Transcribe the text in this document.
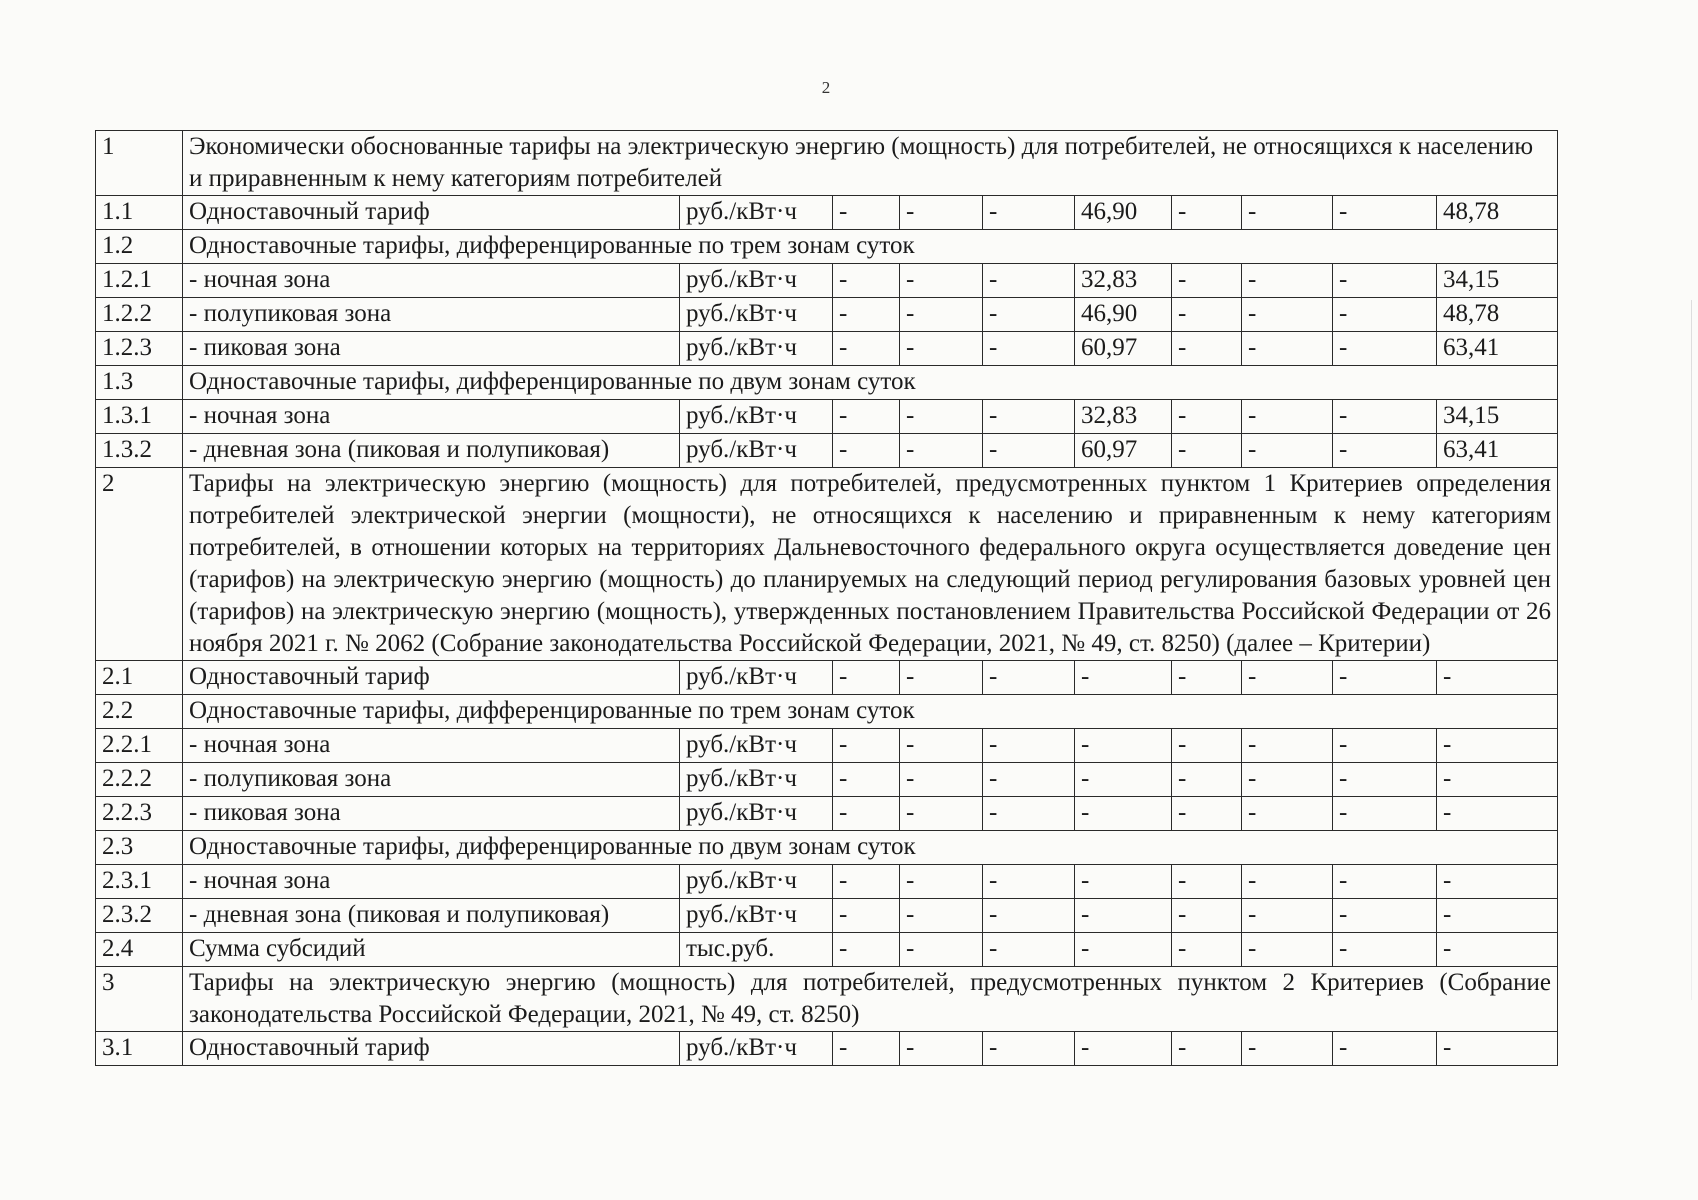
2
1	Экономически обоснованные тарифы на электрическую энергию (мощность) для потребителей, не относящихся к населению и приравненным к нему категориям потребителей									
1.1	Одноставочный тариф	руб./кВт·ч	-	-	-	46,90	-	-	-	48,78
1.2	Одноставочные тарифы, дифференцированные по трем зонам суток									
1.2.1	- ночная зона	руб./кВт·ч	-	-	-	32,83	-	-	-	34,15
1.2.2	- полупиковая зона	руб./кВт·ч	-	-	-	46,90	-	-	-	48,78
1.2.3	- пиковая зона	руб./кВт·ч	-	-	-	60,97	-	-	-	63,41
1.3	Одноставочные тарифы, дифференцированные по двум зонам суток									
1.3.1	- ночная зона	руб./кВт·ч	-	-	-	32,83	-	-	-	34,15
1.3.2	- дневная зона (пиковая и полупиковая)	руб./кВт·ч	-	-	-	60,97	-	-	-	63,41
2	Тарифы на электрическую энергию (мощность) для потребителей, предусмотренных пунктом 1 Критериев определения потребителей электрической энергии (мощности), не относящихся к населению и приравненным к нему категориям потребителей, в отношении которых на территориях Дальневосточного федерального округа осуществляется доведение цен (тарифов) на электрическую энергию (мощность) до планируемых на следующий период регулирования базовых уровней цен (тарифов) на электрическую энергию (мощность), утвержденных постановлением Правительства Российской Федерации от 26 ноября 2021 г. № 2062 (Собрание законодательства Российской Федерации, 2021, № 49, ст. 8250) (далее – Критерии)									
2.1	Одноставочный тариф	руб./кВт·ч	-	-	-	-	-	-	-	-
2.2	Одноставочные тарифы, дифференцированные по трем зонам суток									
2.2.1	- ночная зона	руб./кВт·ч	-	-	-	-	-	-	-	-
2.2.2	- полупиковая зона	руб./кВт·ч	-	-	-	-	-	-	-	-
2.2.3	- пиковая зона	руб./кВт·ч	-	-	-	-	-	-	-	-
2.3	Одноставочные тарифы, дифференцированные по двум зонам суток									
2.3.1	- ночная зона	руб./кВт·ч	-	-	-	-	-	-	-	-
2.3.2	- дневная зона (пиковая и полупиковая)	руб./кВт·ч	-	-	-	-	-	-	-	-
2.4	Сумма субсидий	тыс.руб.	-	-	-	-	-	-	-	-
3	Тарифы на электрическую энергию (мощность) для потребителей, предусмотренных пунктом 2 Критериев (Собрание законодательства Российской Федерации, 2021, № 49, ст. 8250)									
3.1	Одноставочный тариф	руб./кВт·ч	-	-	-	-	-	-	-	-
